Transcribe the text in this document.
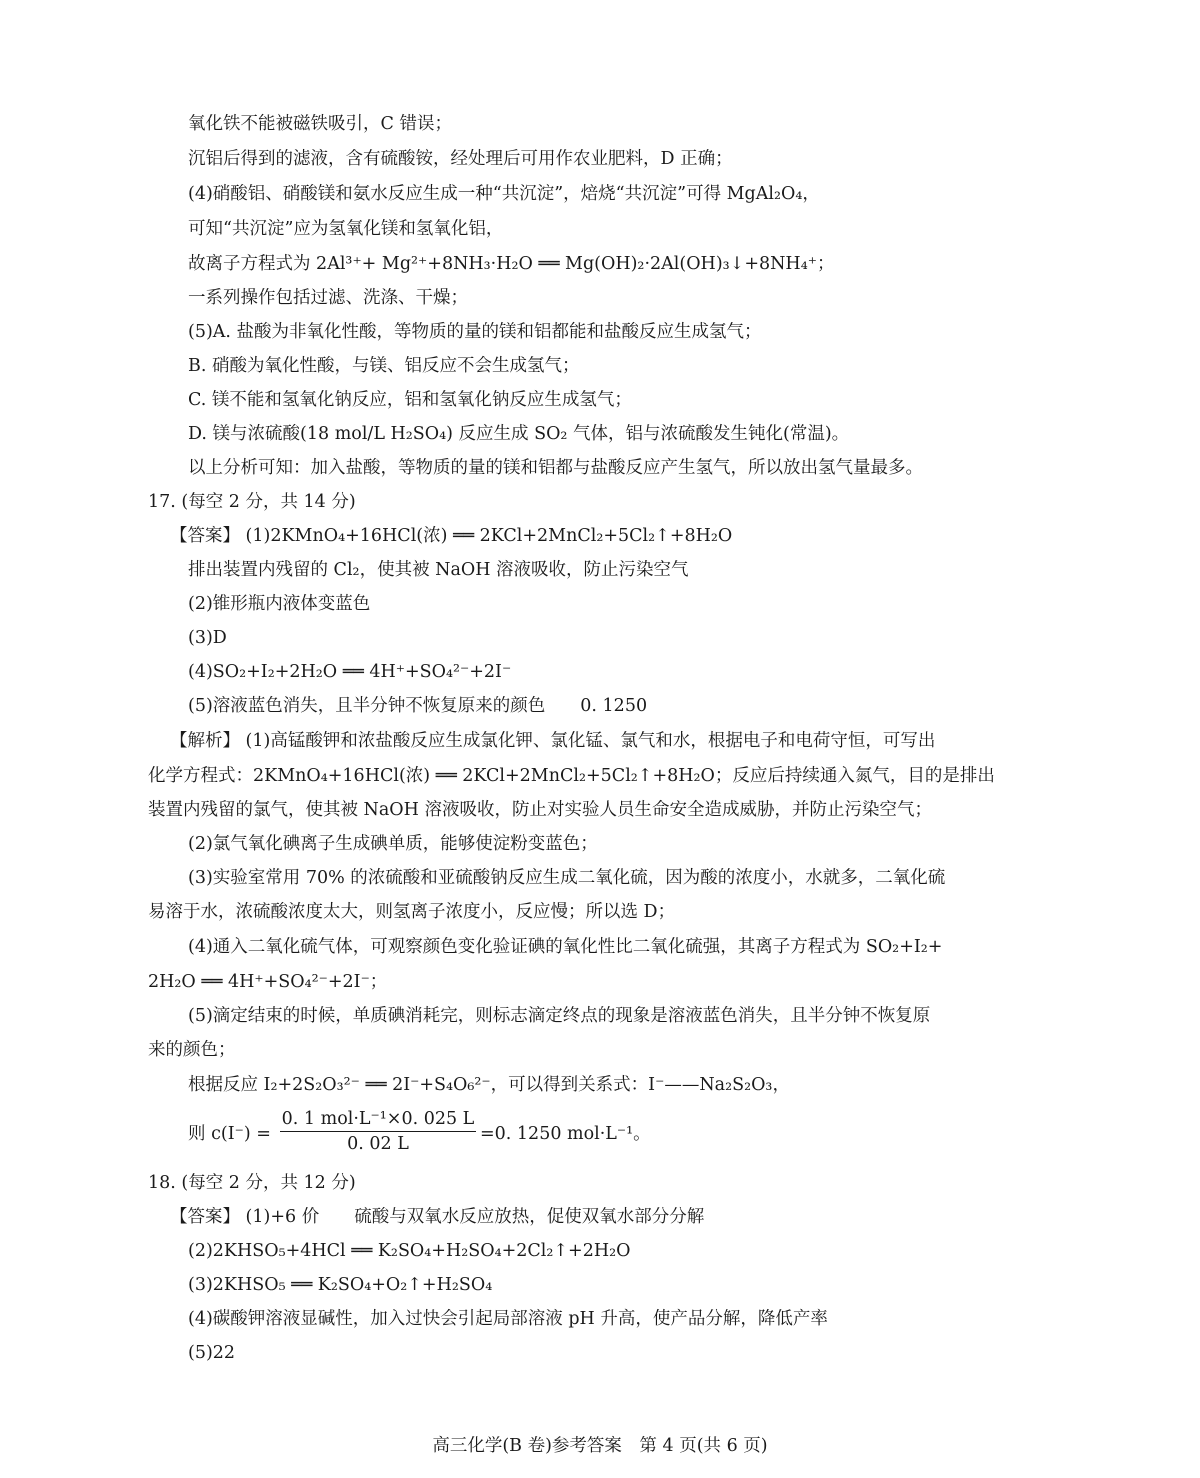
氧化铁不能被磁铁吸引，C 错误；
沉铝后得到的滤液，含有硫酸铵，经处理后可用作农业肥料，D 正确；
(4)硝酸铝、硝酸镁和氨水反应生成一种“共沉淀”，焙烧“共沉淀”可得 MgAl₂O₄，
可知“共沉淀”应为氢氧化镁和氢氧化铝，
故离子方程式为 2Al³⁺+ Mg²⁺+8NH₃·H₂O ══ Mg(OH)₂·2Al(OH)₃↓+8NH₄⁺；
一系列操作包括过滤、洗涤、干燥；
(5)A. 盐酸为非氧化性酸，等物质的量的镁和铝都能和盐酸反应生成氢气；
B. 硝酸为氧化性酸，与镁、铝反应不会生成氢气；
C. 镁不能和氢氧化钠反应，铝和氢氧化钠反应生成氢气；
D. 镁与浓硫酸(18 mol/L H₂SO₄) 反应生成 SO₂ 气体，铝与浓硫酸发生钝化(常温)。
以上分析可知：加入盐酸，等物质的量的镁和铝都与盐酸反应产生氢气，所以放出氢气量最多。
17. (每空 2 分，共 14 分)
【答案】 (1)2KMnO₄+16HCl(浓) ══ 2KCl+2MnCl₂+5Cl₂↑+8H₂O
排出装置内残留的 Cl₂，使其被 NaOH 溶液吸收，防止污染空气
(2)锥形瓶内液体变蓝色
(3)D
(4)SO₂+I₂+2H₂O ══ 4H⁺+SO₄²⁻+2I⁻
(5)溶液蓝色消失，且半分钟不恢复原来的颜色　　0. 1250
【解析】 (1)高锰酸钾和浓盐酸反应生成氯化钾、氯化锰、氯气和水，根据电子和电荷守恒，可写出
化学方程式：2KMnO₄+16HCl(浓) ══ 2KCl+2MnCl₂+5Cl₂↑+8H₂O；反应后持续通入氮气，目的是排出
装置内残留的氯气，使其被 NaOH 溶液吸收，防止对实验人员生命安全造成威胁，并防止污染空气；
(2)氯气氧化碘离子生成碘单质，能够使淀粉变蓝色；
(3)实验室常用 70% 的浓硫酸和亚硫酸钠反应生成二氧化硫，因为酸的浓度小，水就多，二氧化硫
易溶于水，浓硫酸浓度太大，则氢离子浓度小，反应慢；所以选 D；
(4)通入二氧化硫气体，可观察颜色变化验证碘的氧化性比二氧化硫强，其离子方程式为 SO₂+I₂+
2H₂O ══ 4H⁺+SO₄²⁻+2I⁻；
(5)滴定结束的时候，单质碘消耗完，则标志滴定终点的现象是溶液蓝色消失，且半分钟不恢复原
来的颜色；
根据反应 I₂+2S₂O₃²⁻ ══ 2I⁻+S₄O₆²⁻，可以得到关系式：I⁻——Na₂S₂O₃，
则 c(I⁻) =
0. 1 mol·L⁻¹×0. 025 L
0. 02 L	=0. 1250 mol·L⁻¹。
18. (每空 2 分，共 12 分)
【答案】 (1)+6 价　　硫酸与双氧水反应放热，促使双氧水部分分解
(2)2KHSO₅+4HCl ══ K₂SO₄+H₂SO₄+2Cl₂↑+2H₂O
(3)2KHSO₅ ══ K₂SO₄+O₂↑+H₂SO₄
(4)碳酸钾溶液显碱性，加入过快会引起局部溶液 pH 升高，使产品分解，降低产率
(5)22
高三化学(B 卷)参考答案　第 4 页(共 6 页)
